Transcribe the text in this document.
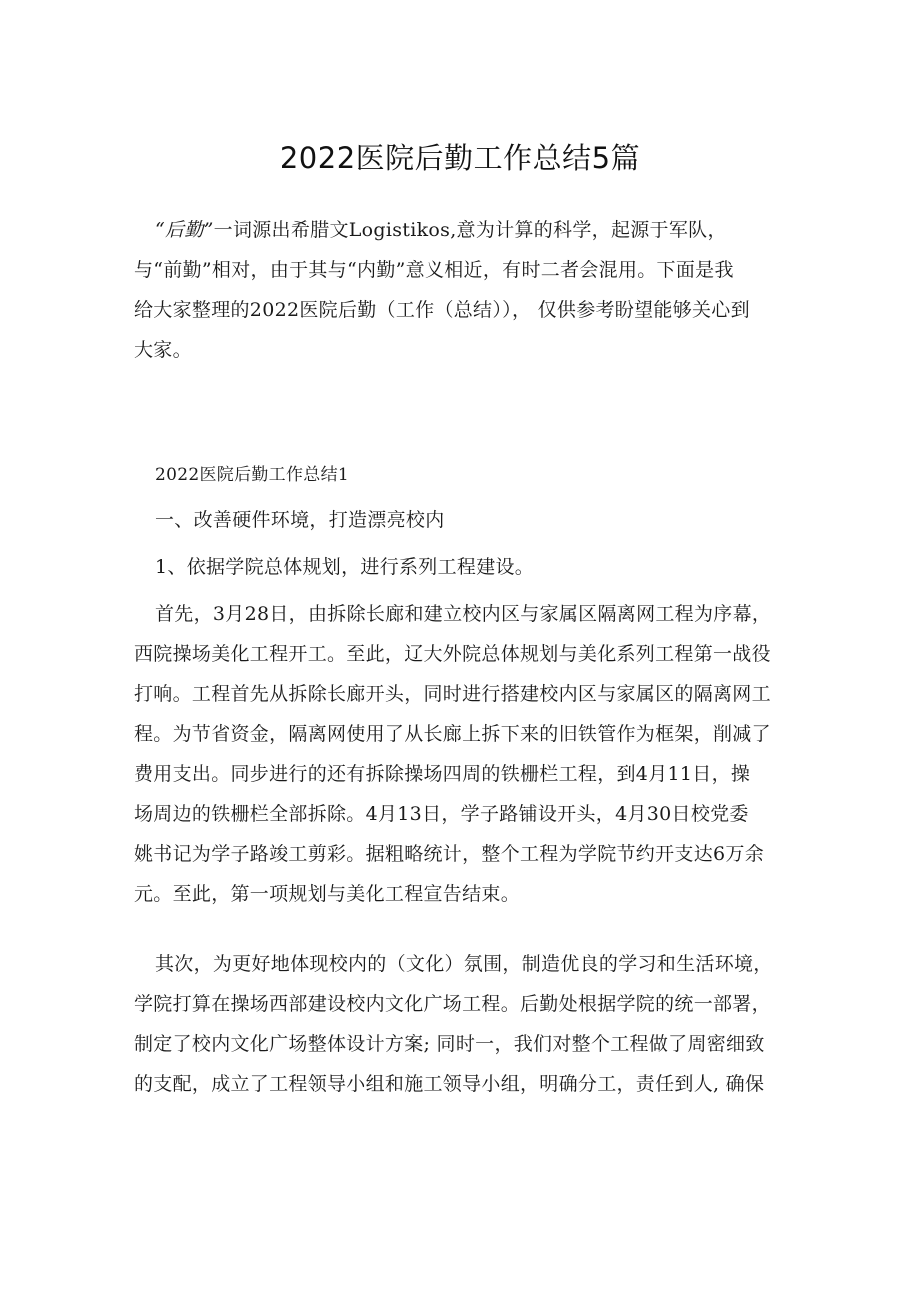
2022医院后勤工作总结5篇
“后勤”一词源出希腊文Logistikos,意为计算的科学，起源于军队，
与“前勤”相对，由于其与“内勤”意义相近，有时二者会混用。下面是我
给大家整理的2022医院后勤（工作（总结））， 仅供参考盼望能够关心到
大家。
2022医院后勤工作总结1
一、改善硬件环境，打造漂亮校内
1、依据学院总体规划，进行系列工程建设。
首先，3月28日，由拆除长廊和建立校内区与家属区隔离网工程为序幕，
西院操场美化工程开工。至此，辽大外院总体规划与美化系列工程第一战役
打响。工程首先从拆除长廊开头，同时进行搭建校内区与家属区的隔离网工
程。为节省资金，隔离网使用了从长廊上拆下来的旧铁管作为框架，削减了
费用支出。同步进行的还有拆除操场四周的铁栅栏工程，到4月11日，操
场周边的铁栅栏全部拆除。4月13日，学子路铺设开头，4月30日校党委
姚书记为学子路竣工剪彩。据粗略统计，整个工程为学院节约开支达6万余
元。至此，第一项规划与美化工程宣告结束。
其次，为更好地体现校内的（文化）氛围，制造优良的学习和生活环境，
学院打算在操场西部建设校内文化广场工程。后勤处根据学院的统一部署，
制定了校内文化广场整体设计方案; 同时一，我们对整个工程做了周密细致
的支配，成立了工程领导小组和施工领导小组，明确分工，责任到人, 确保
